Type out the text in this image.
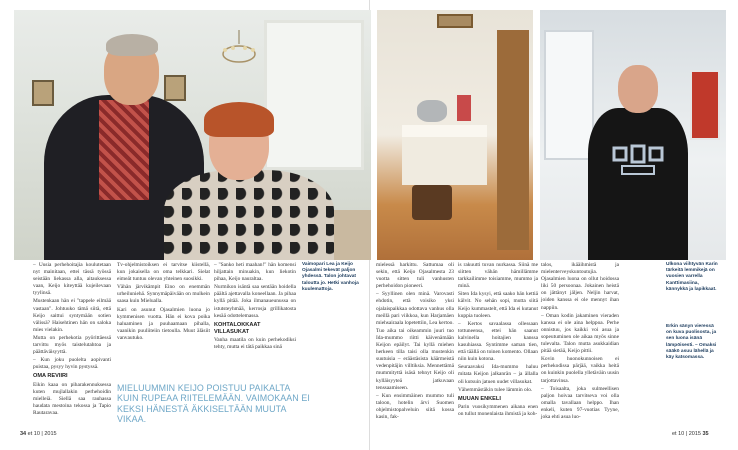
– Uusia perhehoitajia koulutetaan nyt mainitaan, ettei tässä työssä seistään liekassa alla, aitauksessa vaan, Keijo kiteyttää kujeilevaan tyylinsä.

Mustenkaan hän ei "tappele eilmää vastaan". Johtuuko tämä siitä, että Keijo saittui syntymään sotien välissä? Haisehtinen hän on saloka mies vielakin.

Mutta on perhekotia pyörittäessä tarvittu myös taistelutahtoa ja päättäväisyyttä.

– Kun joku puolelta aopivanti puistaa, pysyy hyvin pystyssä.

OMA REVIIRI

Eikin kaaa on piharakennuksessa kuten mujlallakin perhehoidin mielleiä. Siellä saa rauhassa haudata mestoina tekossa ja Tapio Rautaravaa.

Tv-ohjelmistoiksen ei tarvitse kiistellä, kun jokaisella on oma telkkari. Sielat eimeät tuntuu olevan yhteinen suosikki.

Vähän järvikämpit Eino on enemmän urheiluniehä. Synnymäpäivään on mulkein saasa kuin Mielualla.

Kari on asunut Ojasalmien luona jo kymmenisen vuotta. Hän ei kova poika haluaminen ja puuhaamaan pihalla, vaanikin puuliiteiin tietoulla. Muut äläsiit vanvautuko.

– "Sanko heti maahan!" hän komensi hiljattain minuakin, kun liekotin pihaa, Keijo nauraltaa.

Nurmikon isäntä saa sentään hoidella päältä ajettavalla koneellaan. Ja pihaa kyllä pitää. Joka ilmanaueunussa on istutsteyhmää, kerrosja grillikatosta kesää odottelemassa.

KOHTALOKKAAT VILLASUKAT

Vanha maatila on kuin perhekodiksi tehty, mutta ei tätä paikkaa sinä

mielessä harkittu. Sattumaa oli sekin, että Keijo Ojasalmesta 23 vuotta sitten tuli vanhusten perhehoidon pioneeri.

– Syyllinen olen minä. Varovasti ehdotin, että voisiko yksi ojalaispaikkaa odottava vanhus olla meillä pari viikkoa, kun Harjamäen miehsairaala lopetettiin, Lea kertoo.

Tuo aika tai oikeammin juuri tuo Ida-mummo riitti käivenämään Keijon epäilyt. Tai kyllä miehen herkeen tilla taisi olla mustenkin suutuisia – eräästäsista käärmeistä vedenpitäjin villtiksia. Mennettämä mummityttä isäsä tehnyt Keijo oli kylläisyyteä jatkuvaan tenssaamiseen.

– Kun ensimmäinen mummo tuli taloon, hotelin ärvi Suomen ohjelmistopalveluin siitä kossa kasin, fak-

is rakuutti tuvan nurkassa. Siinä me siitten vähän hämillämme tarkkailimme toisiamme, mummo ja minä.

Siten Ida kysyi, että saako hän kettiä kälvit. No sehän sopi, mutta siitä Keijo kummastelt, että Ida ei kutanut kuppia tuoleen.

– Kertos savaalassa ollessaan tottuneensa, ettei hän saanut kalvinella hoitajien kanssa kasuhiassa. Syntimme saman tien, että täällä on toinen komento. Ollaan niin kuin kotona.

Seuraavaksi Ida-mummo haluu mitata Keijon jalkanrän – ja ällalla oli kutsuin jatuen uudet villasukat.

Vähemmästäkin tulee lämmin olo.

MUUAN ENKELI

Parin vuosikymmenen aikana enen on tullut monenlaista ihmistä ja koh-

talos, ikääihmistä ja mielenterveyskuntoutujia. Ojasalmien luona on ollut hoidossa liki 50 persoonaa. Jokainen heistä on jättänyt jäljen. Neljin harvat, joiden kanssa ei ole mennyt ihan nappiin.

– Oman kodin jakaminen vieraden kanssa ei ole aina helppoa. Perhe onnistuu, jos kaikki voi asua ja sopeutuminen ole aikaa myös sinne tulevalta. Talon mutta asukkaidian pitää sietää, Keijo pittii.

Kovin huonokunnoisen ei perhekodissa pärjää, vaikka heitä on kuinkin puolella ylletäväin uusin tarjottavinsa.

– Toisaalta, joka sulmeellisen paljon hoivaa tarvitseva voi olla omalla tavallaan helppo. Ihan enkeli, kuten 97-vuotias Tyyne, joka ehti asua luo-

Vaimopari Lea ja Keijo Ojasalmi tekevät paljon yhdessä. Talon johtavat taloutta jo. Hetki vanhoja kuulemattoja.
Ulkona viihtyvän Karin tärkeitä lemmikejä on vuosien varrella Kanttimasiina, kännykkä ja lapikkaat.
Erkin sänyn vieressä on kuva puolisosta, ja sen luona isänä lämpöisesti. – Omaksi sääkö asuu lähellä ja käy katsomassa.
MIELUUMMIN KEIJO POISTUU PAIKALTA KUIN RUPEAA RIITELEMÄÄN. VAIMOKAAN EI KEKSI HÄNESTÄ ÄKKISELTÄÄN MUUTA VIKAA.
34 et 10 | 2015	et 10 | 2015 35
